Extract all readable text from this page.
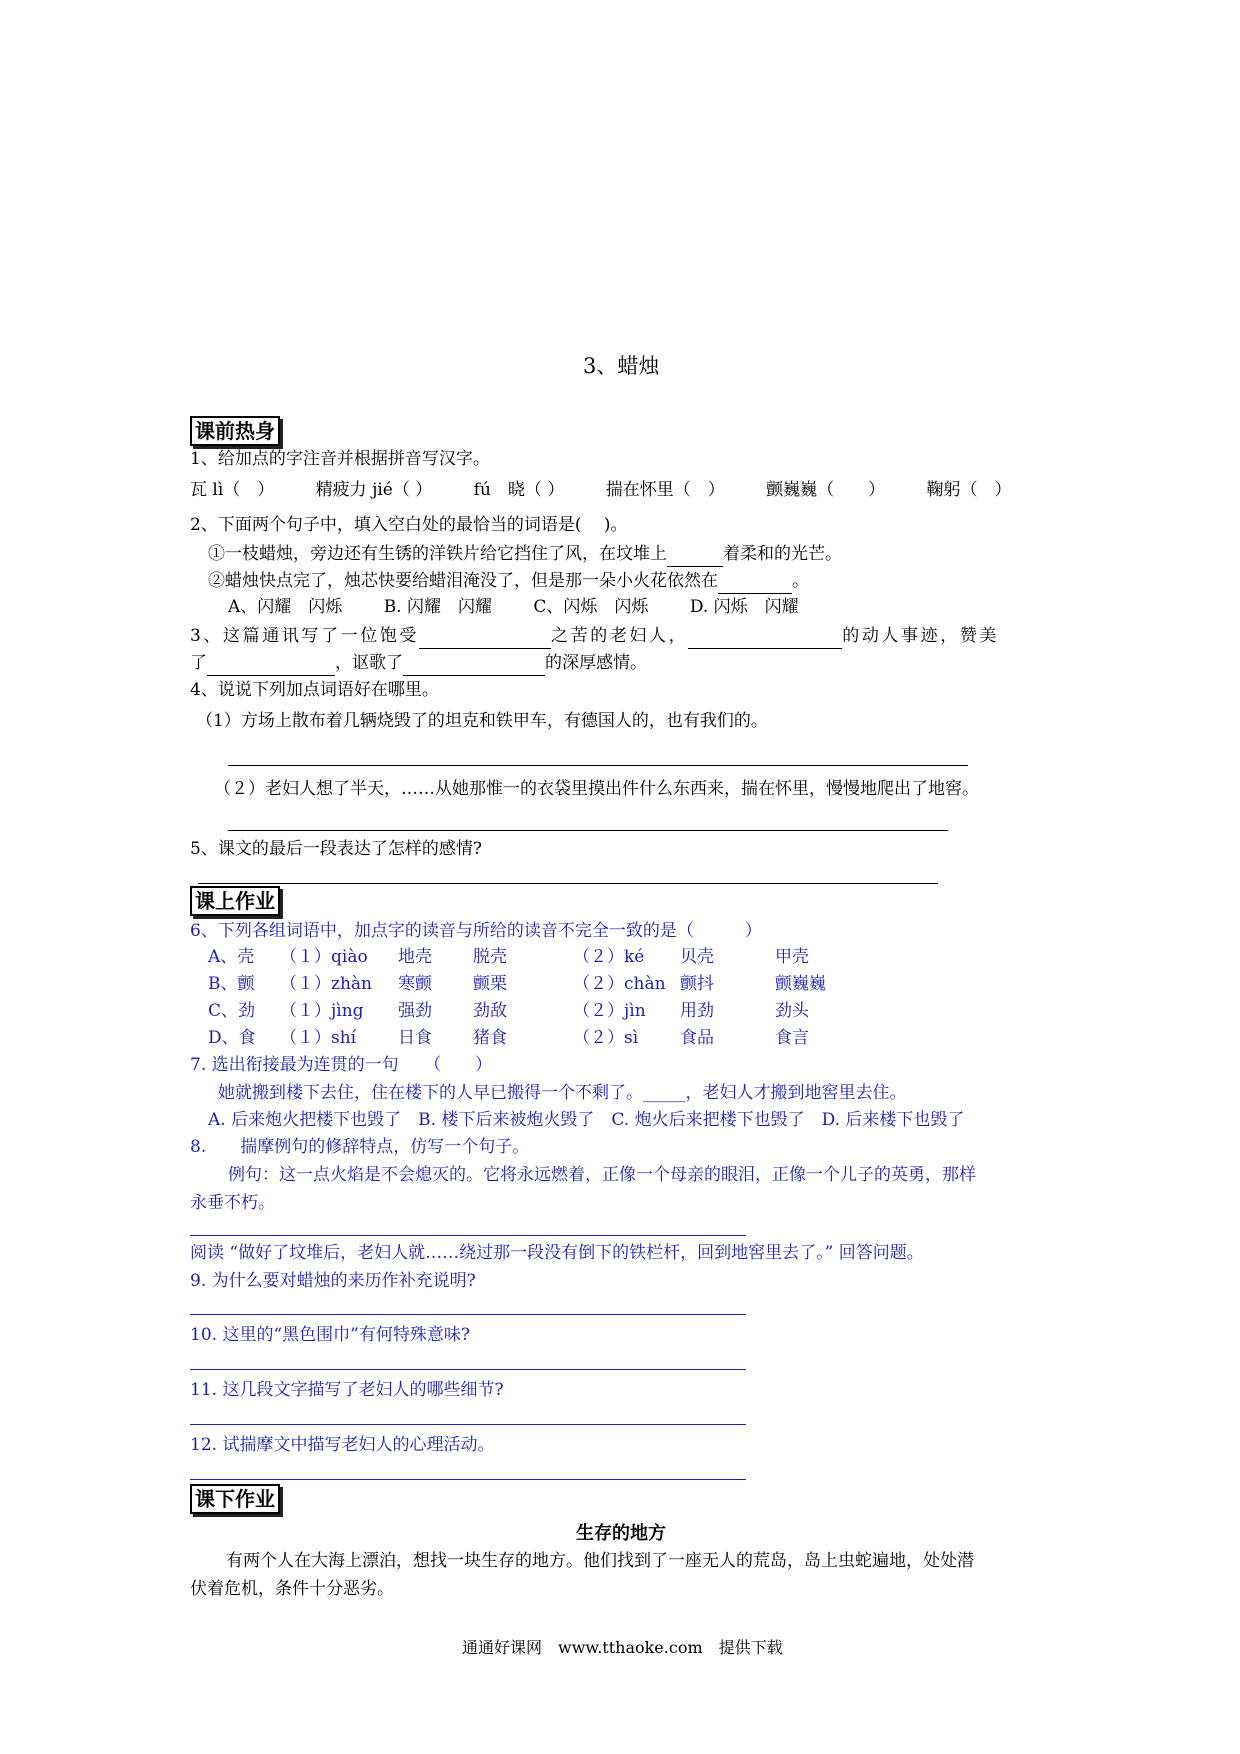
3、蜡烛
课前热身
1、给加点的字注音并根据拼音写汉字。
瓦 lì（　） 精疲力 jié（ ） fú　晓（ ） 揣在怀里（　） 颤巍巍（　　） 鞠躬（　）
2、下面两个句子中，填入空白处的最恰当的词语是(　 )。
①一枝蜡烛，旁边还有生锈的洋铁片给它挡住了风，在坟堆上	着柔和的光芒。
②蜡烛快点完了，烛芯快要给蜡泪淹没了，但是那一朵小火花依然在	。
A、闪耀　闪烁 B. 闪耀　闪耀 C、闪烁　闪烁 D. 闪烁　闪耀
3、这篇通讯写了一位饱受	之苦的老妇人，	的动人事迹，赞美
了	，讴歌了	的深厚感情。
4、说说下列加点词语好在哪里。
（1）方场上散布着几辆烧毁了的坦克和铁甲车，有德国人的，也有我们的。
（２）老妇人想了半天，……从她那惟一的衣袋里摸出件什么东西来，揣在怀里，慢慢地爬出了地窖。
5、课文的最后一段表达了怎样的感情?
课上作业
6、下列各组词语中，加点字的读音与所给的读音不完全一致的是（　　　）
A、壳 （１）qiào 地壳 脱壳	（２）ké 贝壳	甲壳
B、颤 （１）zhàn 寒颤 颤栗	（２）chàn 颤抖	颤巍巍
C、劲 （１）jìng 强劲 劲敌	（２）jìn 用劲	劲头
D、食 （１）shí 日食 猪食	（２）sì 食品	食言
7. 选出衔接最为连贯的一句　　（　　）
她就搬到楼下去住，住在楼下的人早已搬得一个不剩了。_____，老妇人才搬到地窖里去住。
A. 后来炮火把楼下也毁了　B. 楼下后来被炮火毁了　C. 炮火后来把楼下也毁了　D. 后来楼下也毁了
8.　　揣摩例句的修辞特点，仿写一个句子。
例句：这一点火焰是不会熄灭的。它将永远燃着，正像一个母亲的眼泪，正像一个儿子的英勇，那样
永垂不朽。
阅读 “做好了坟堆后，老妇人就……绕过那一段没有倒下的铁栏杆，回到地窖里去了。” 回答问题。
9. 为什么要对蜡烛的来历作补充说明?
10. 这里的“黑色围巾”有何特殊意味?
11. 这几段文字描写了老妇人的哪些细节?
12. 试揣摩文中描写老妇人的心理活动。
课下作业
生存的地方
有两个人在大海上漂泊，想找一块生存的地方。他们找到了一座无人的荒岛，岛上虫蛇遍地，处处潜
伏着危机，条件十分恶劣。
通通好课网　www.tthaoke.com　提供下载
